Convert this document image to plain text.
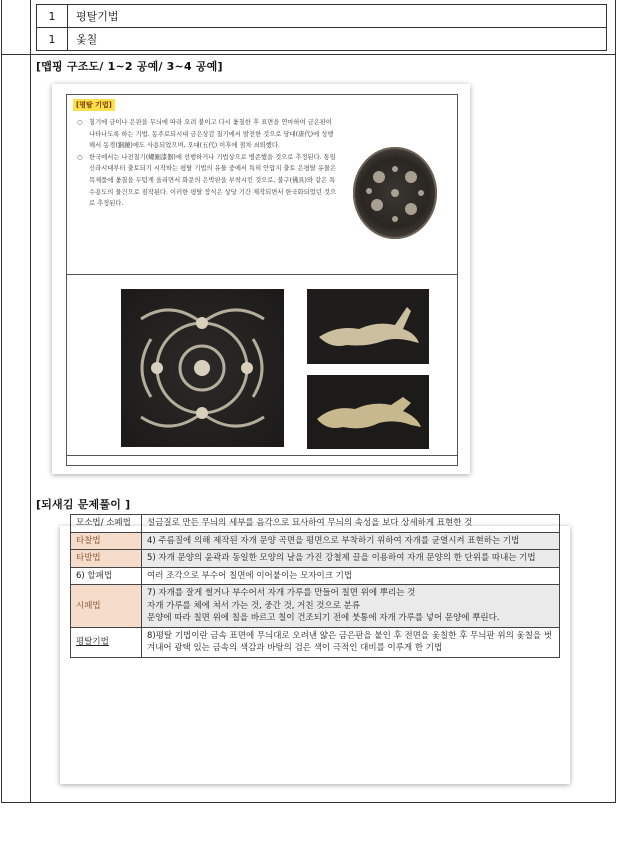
1	평탈기법
1	옻칠
[맵핑 구조도/ 1~2 공예/ 3~4 공예]
[평탈 기법]
○ 칠기에 금이나 은판을 무늬에 따라 오려 붙이고 다시 옻칠한 후 표면을 연마하여 금은판이 나타나도록 하는 기법. 동주로되시대 금은상감 칠기에서 발전한 것으로 당대(唐代)에 성행해서 동경(銅鏡)에도 사용되었으며, 오대(五代) 이후에 점차 쇠퇴했다.
○ 한국에서는 나전칠기(螺鈿漆器)에 선행하거나 기법상으로 병존했을 것으로 추정된다. 통일신라시대부터 출토되기 시작하는 평탈 기법의 유물 중에서 특히 안압지 출토 은평탈 유물은 목제품에 옻칠을 두텁게 올리면서 화문의 은박판을 부착시킨 것으로, 불구(佛具)와 같은 특수용도의 물건으로 짐작된다. 이러한 평탈 장식은 상당 기간 제작되면서 한국화되었던 것으로 추정된다.
[되새김 문제풀이 ]
모소법/ 소폐법	설금질로 만든 무늬의 세부를 음각으로 묘사하여 무늬의 속성을 보다 상세하게 표현한 것
타찰법	4) 주름질에 의해 제작된 자개 문양 곡면을 평면으로 부착하기 위하여 자개를 균열시켜 표현하는 기법
타발법	5) 자개 문양의 윤곽과 동일한 모양의 날을 가진 강철제 끌을 이용하여 자개 문양의 한 단위를 따내는 기법
6) 할패법	여러 조각으로 부수어 칠면에 이어붙이는 모자이크 기법
시패법	7) 자개를 잘게 썰거나 부수어서 자개 가루를 만들어 칠면 위에 뿌리는 것
자개 가루를 체에 쳐서 가는 것, 중간 것, 거친 것으로 분류
문양에 따라 칠면 위에 칠을 바르고 칠이 건조되기 전에 붓통에 자개 가루를 넣어 문양에 뿌린다.
평탈기법	8)평탈 기법이란 금속 표면에 무늬대로 오려낸 얇은 금은판을 붙인 후 전면을 옻칠한 후 무늬판 위의 옻칠을 벗겨내어 광택 있는 금속의 색감과 바탕의 검은 색이 극적인 대비를 이루게 한 기법
